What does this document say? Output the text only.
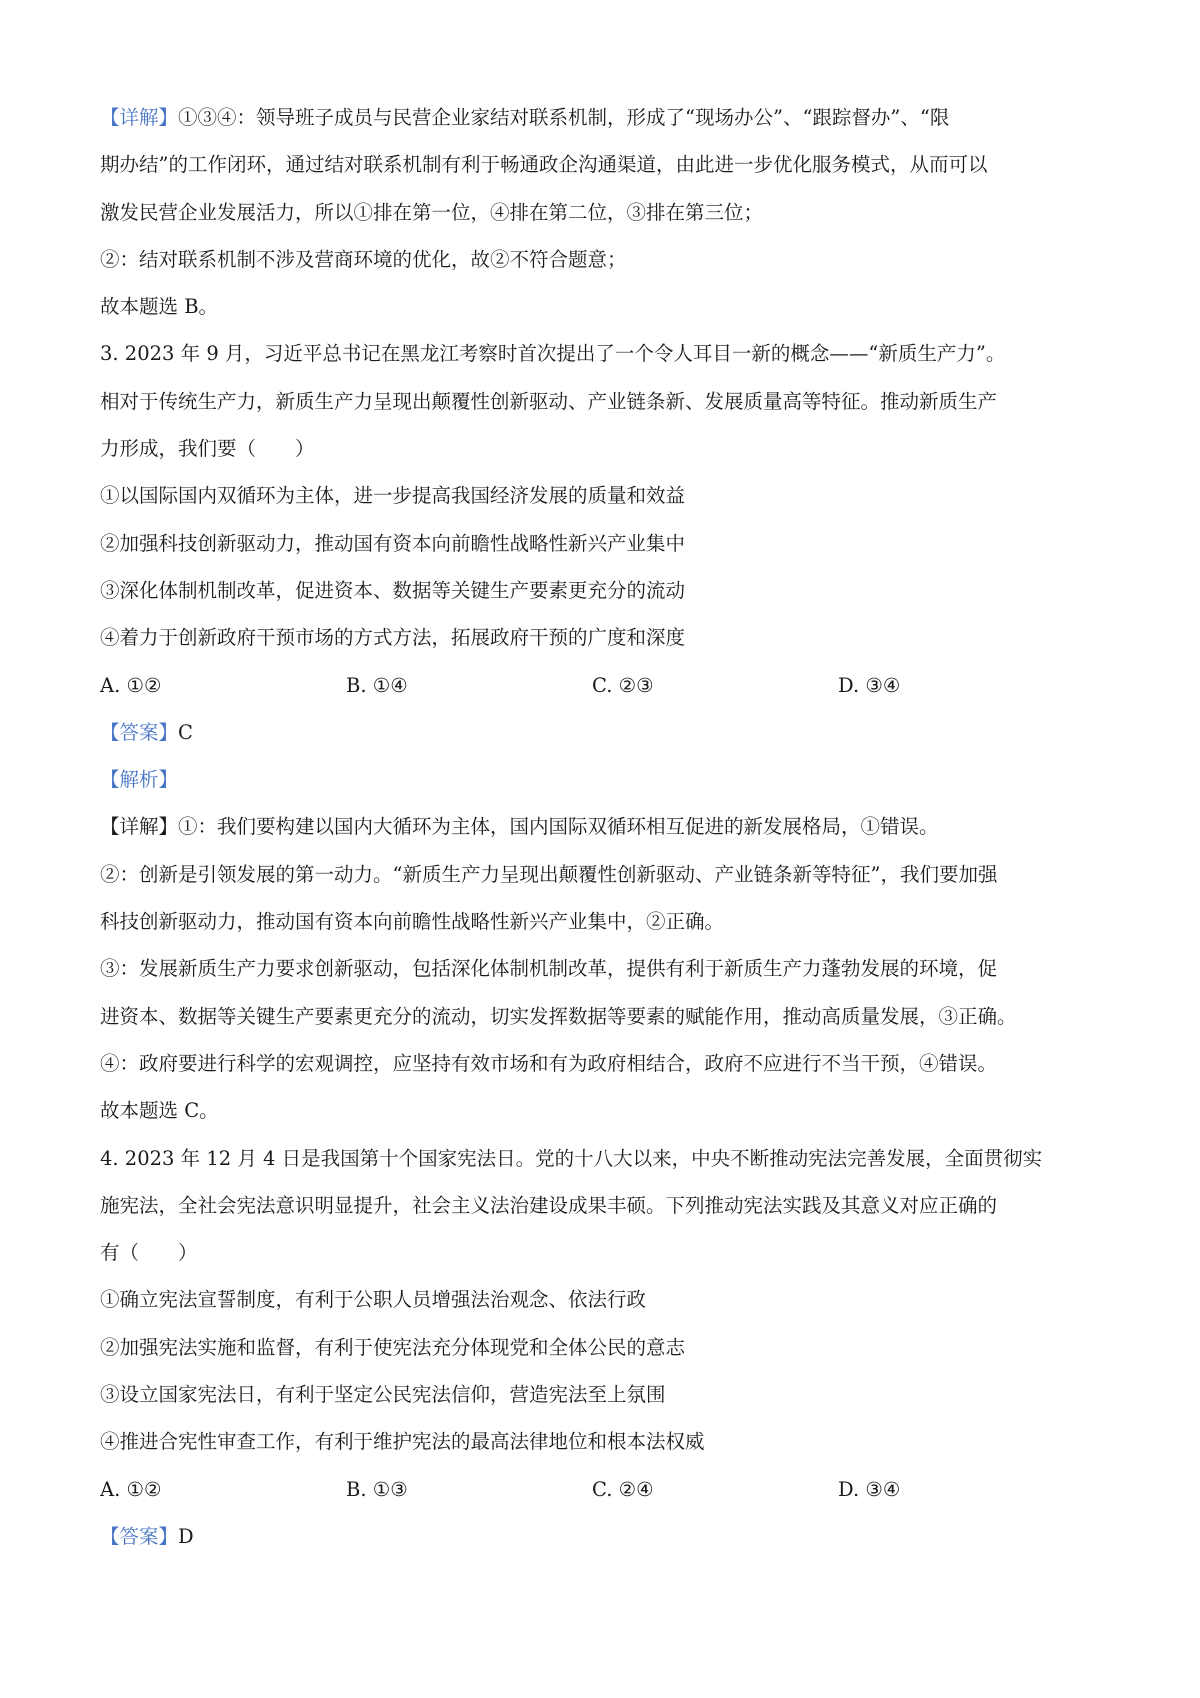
【详解】①③④：领导班子成员与民营企业家结对联系机制，形成了“现场办公”、“跟踪督办”、“限
期办结”的工作闭环，通过结对联系机制有利于畅通政企沟通渠道，由此进一步优化服务模式，从而可以
激发民营企业发展活力，所以①排在第一位，④排在第二位，③排在第三位；
②：结对联系机制不涉及营商环境的优化，故②不符合题意；
故本题选 B。
3. 2023 年 9 月，习近平总书记在黑龙江考察时首次提出了一个令人耳目一新的概念——“新质生产力”。
相对于传统生产力，新质生产力呈现出颠覆性创新驱动、产业链条新、发展质量高等特征。推动新质生产
力形成，我们要（　　）
①以国际国内双循环为主体，进一步提高我国经济发展的质量和效益
②加强科技创新驱动力，推动国有资本向前瞻性战略性新兴产业集中
③深化体制机制改革，促进资本、数据等关键生产要素更充分的流动
④着力于创新政府干预市场的方式方法，拓展政府干预的广度和深度
A. ①②	B. ①④	C. ②③	D. ③④
【答案】C
【解析】
【详解】①：我们要构建以国内大循环为主体，国内国际双循环相互促进的新发展格局，①错误。
②：创新是引领发展的第一动力。“新质生产力呈现出颠覆性创新驱动、产业链条新等特征”，我们要加强
科技创新驱动力，推动国有资本向前瞻性战略性新兴产业集中，②正确。
③：发展新质生产力要求创新驱动，包括深化体制机制改革，提供有利于新质生产力蓬勃发展的环境，促
进资本、数据等关键生产要素更充分的流动，切实发挥数据等要素的赋能作用，推动高质量发展，③正确。
④：政府要进行科学的宏观调控，应坚持有效市场和有为政府相结合，政府不应进行不当干预，④错误。
故本题选 C。
4. 2023 年 12 月 4 日是我国第十个国家宪法日。党的十八大以来，中央不断推动宪法完善发展，全面贯彻实
施宪法，全社会宪法意识明显提升，社会主义法治建设成果丰硕。下列推动宪法实践及其意义对应正确的
有（　　）
①确立宪法宣誓制度，有利于公职人员增强法治观念、依法行政
②加强宪法实施和监督，有利于使宪法充分体现党和全体公民的意志
③设立国家宪法日，有利于坚定公民宪法信仰，营造宪法至上氛围
④推进合宪性审查工作，有利于维护宪法的最高法律地位和根本法权威
A. ①②	B. ①③	C. ②④	D. ③④
【答案】D
